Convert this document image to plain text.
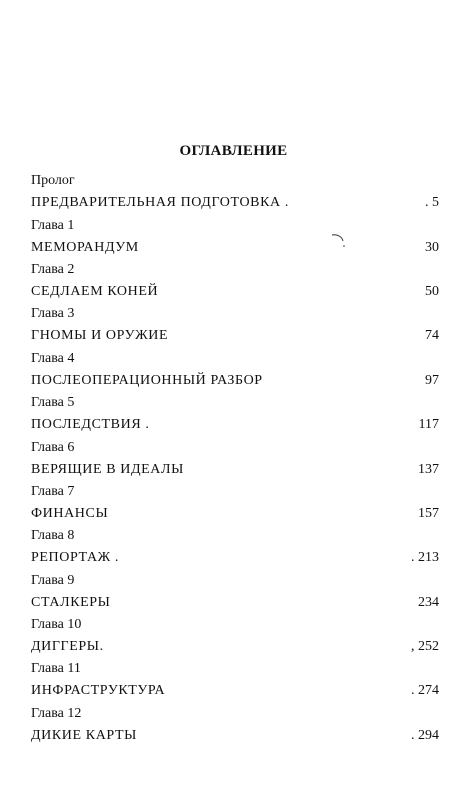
ОГЛАВЛЕНИЕ
Пролог
ПРЕДВАРИТЕЛЬНАЯ ПОДГОТОВКА .	. 5
Глава 1
МЕМОРАНДУМ	30
Глава 2
СЕДЛАЕМ КОНЕЙ	50
Глава 3
ГНОМЫ И ОРУЖИЕ	74
Глава 4
ПОСЛЕОПЕРАЦИОННЫЙ РАЗБОР	97
Глава 5
ПОСЛЕДСТВИЯ .	117
Глава 6
ВЕРЯЩИЕ В ИДЕАЛЫ	137
Глава 7
ФИНАНСЫ	157
Глава 8
РЕПОРТАЖ .	. 213
Глава 9
СТАЛКЕРЫ	234
Глава 10
ДИГГЕРЫ.	, 252
Глава 11
ИНФРАСТРУКТУРА	. 274
Глава 12
ДИКИЕ КАРТЫ	. 294
